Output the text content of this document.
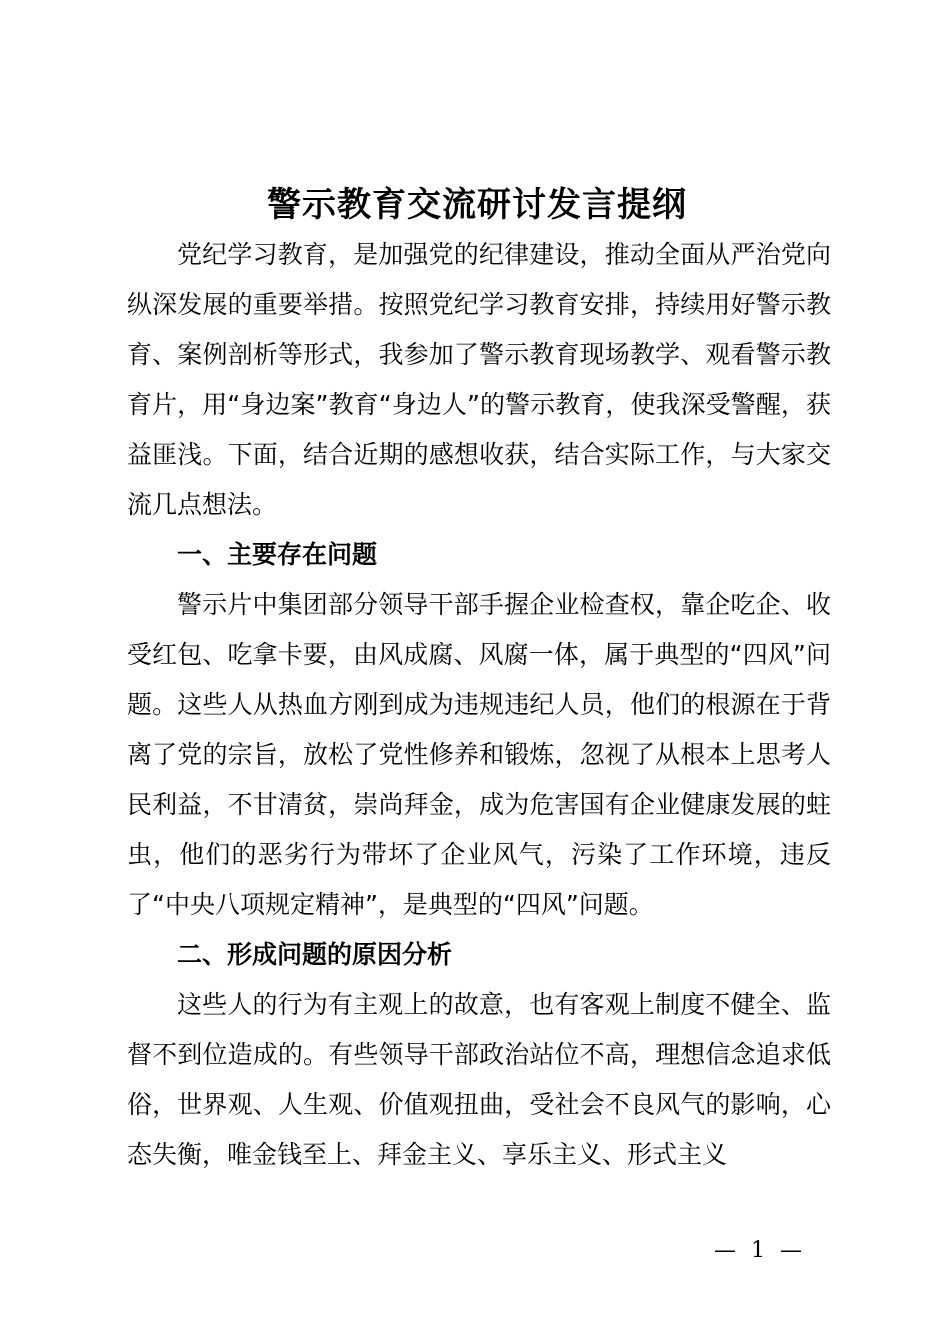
警示教育交流研讨发言提纲

党纪学习教育，是加强党的纪律建设，推动全面从严治党向纵深发展的重要举措。按照党纪学习教育安排，持续用好警示教育、案例剖析等形式，我参加了警示教育现场教学、观看警示教育片，用“身边案”教育“身边人”的警示教育，使我深受警醒，获益匪浅。下面，结合近期的感想收获，结合实际工作，与大家交流几点想法。

一、主要存在问题

警示片中集团部分领导干部手握企业检查权，靠企吃企、收受红包、吃拿卡要，由风成腐、风腐一体，属于典型的“四风”问题。这些人从热血方刚到成为违规违纪人员，他们的根源在于背离了党的宗旨，放松了党性修养和锻炼，忽视了从根本上思考人民利益，不甘清贫，崇尚拜金，成为危害国有企业健康发展的蛀虫，他们的恶劣行为带坏了企业风气，污染了工作环境，违反了“中央八项规定精神”，是典型的“四风”问题。

二、形成问题的原因分析

这些人的行为有主观上的故意，也有客观上制度不健全、监督不到位造成的。有些领导干部政治站位不高，理想信念追求低俗，世界观、人生观、价值观扭曲，受社会不良风气的影响，心态失衡，唯金钱至上、拜金主义、享乐主义、形式主义

— 1 —
